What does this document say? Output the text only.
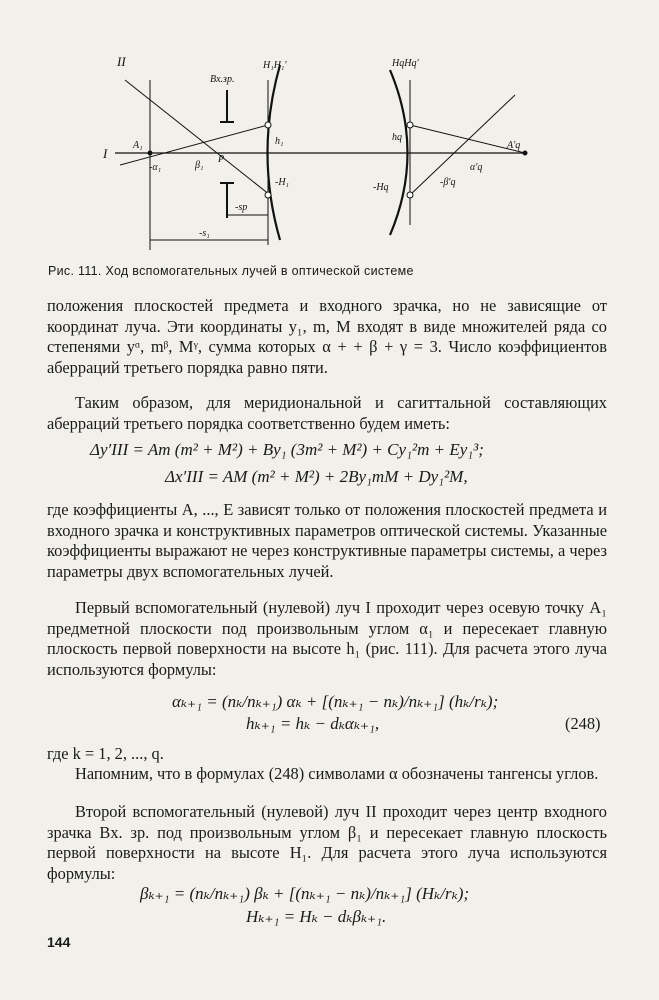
II
I
Bx.зр.
H₁H₁'	HqHq'
A₁
-α₁	β₁
P
h₁
-H₁
-sp
-s₁
hq
-Hq	-β'q
α'q
A'q
Рис. 111. Ход вспомогательных лучей в оптической системе

положения плоскостей предмета и входного зрачка, но не зависящие от координат луча. Эти координаты y₁, m, M входят в виде множителей ряда со степенями yᵅ, mᵝ, Mᵞ, сумма которых α + + β + γ = 3. Число коэффициентов аберраций третьего порядка равно пяти.

Таким образом, для меридиональной и сагиттальной составляющих аберраций третьего порядка соответственно будем иметь:

Δy′III = Am (m² + M²) + By₁ (3m² + M²) + Cy₁²m + Ey₁³;
Δx′III = AM (m² + M²) + 2By₁mM + Dy₁²M,

где коэффициенты A, ..., E зависят только от положения плоскостей предмета и входного зрачка и конструктивных параметров оптической системы. Указанные коэффициенты выражают не через конструктивные параметры системы, а через параметры двух вспомогательных лучей.

Первый вспомогательный (нулевой) луч I проходит через осевую точку A₁ предметной плоскости под произвольным углом α₁ и пересекает главную плоскость первой поверхности на высоте h₁ (рис. 111). Для расчета этого луча используются формулы:

αₖ₊₁ = (nₖ/nₖ₊₁) αₖ + [(nₖ₊₁ − nₖ)/nₖ₊₁] (hₖ/rₖ);
hₖ₊₁ = hₖ − dₖαₖ₊₁,	(248)

где k = 1, 2, ..., q.

Напомним, что в формулах (248) символами α обозначены тангенсы углов.

Второй вспомогательный (нулевой) луч II проходит через центр входного зрачка Bx. зр. под произвольным углом β₁ и пересекает главную плоскость первой поверхности на высоте H₁. Для расчета этого луча используются формулы:

βₖ₊₁ = (nₖ/nₖ₊₁) βₖ + [(nₖ₊₁ − nₖ)/nₖ₊₁] (Hₖ/rₖ);
Hₖ₊₁ = Hₖ − dₖβₖ₊₁.
144
